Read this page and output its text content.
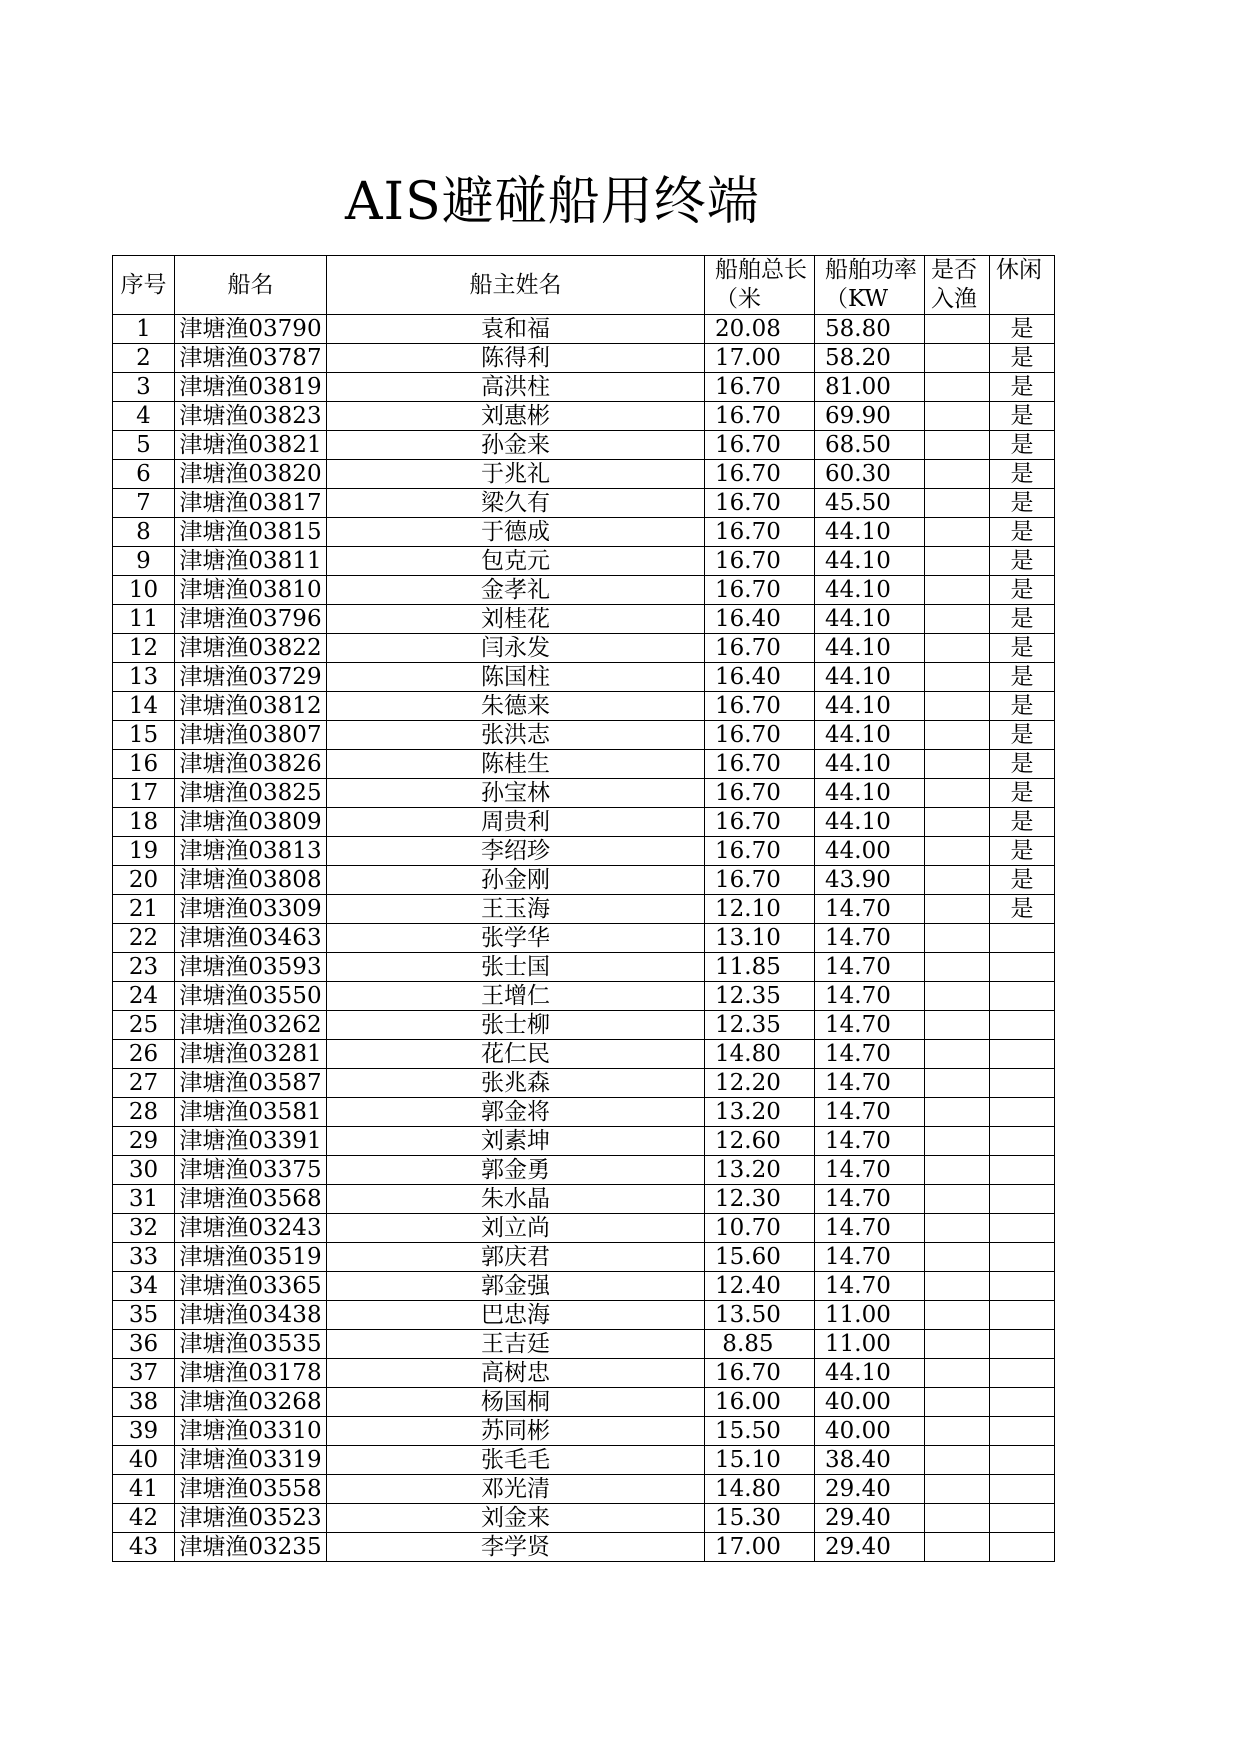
AIS避碰船用终端
序号	船名	船主姓名	船舶总长（米	船舶功率（KW	是否入渔	休闲
1	津塘渔03790	袁和福	20.08	58.80		是
2	津塘渔03787	陈得利	17.00	58.20		是
3	津塘渔03819	高洪柱	16.70	81.00		是
4	津塘渔03823	刘惠彬	16.70	69.90		是
5	津塘渔03821	孙金来	16.70	68.50		是
6	津塘渔03820	于兆礼	16.70	60.30		是
7	津塘渔03817	梁久有	16.70	45.50		是
8	津塘渔03815	于德成	16.70	44.10		是
9	津塘渔03811	包克元	16.70	44.10		是
10	津塘渔03810	金孝礼	16.70	44.10		是
11	津塘渔03796	刘桂花	16.40	44.10		是
12	津塘渔03822	闫永发	16.70	44.10		是
13	津塘渔03729	陈国柱	16.40	44.10		是
14	津塘渔03812	朱德来	16.70	44.10		是
15	津塘渔03807	张洪志	16.70	44.10		是
16	津塘渔03826	陈桂生	16.70	44.10		是
17	津塘渔03825	孙宝林	16.70	44.10		是
18	津塘渔03809	周贵利	16.70	44.10		是
19	津塘渔03813	李绍珍	16.70	44.00		是
20	津塘渔03808	孙金刚	16.70	43.90		是
21	津塘渔03309	王玉海	12.10	14.70		是
22	津塘渔03463	张学华	13.10	14.70		
23	津塘渔03593	张士国	11.85	14.70		
24	津塘渔03550	王增仁	12.35	14.70		
25	津塘渔03262	张士柳	12.35	14.70		
26	津塘渔03281	花仁民	14.80	14.70		
27	津塘渔03587	张兆森	12.20	14.70		
28	津塘渔03581	郭金将	13.20	14.70		
29	津塘渔03391	刘素坤	12.60	14.70		
30	津塘渔03375	郭金勇	13.20	14.70		
31	津塘渔03568	朱水晶	12.30	14.70		
32	津塘渔03243	刘立尚	10.70	14.70		
33	津塘渔03519	郭庆君	15.60	14.70		
34	津塘渔03365	郭金强	12.40	14.70		
35	津塘渔03438	巴忠海	13.50	11.00		
36	津塘渔03535	王吉廷	8.85	11.00		
37	津塘渔03178	高树忠	16.70	44.10		
38	津塘渔03268	杨国桐	16.00	40.00		
39	津塘渔03310	苏同彬	15.50	40.00		
40	津塘渔03319	张毛毛	15.10	38.40		
41	津塘渔03558	邓光清	14.80	29.40		
42	津塘渔03523	刘金来	15.30	29.40		
43	津塘渔03235	李学贤	17.00	29.40		
